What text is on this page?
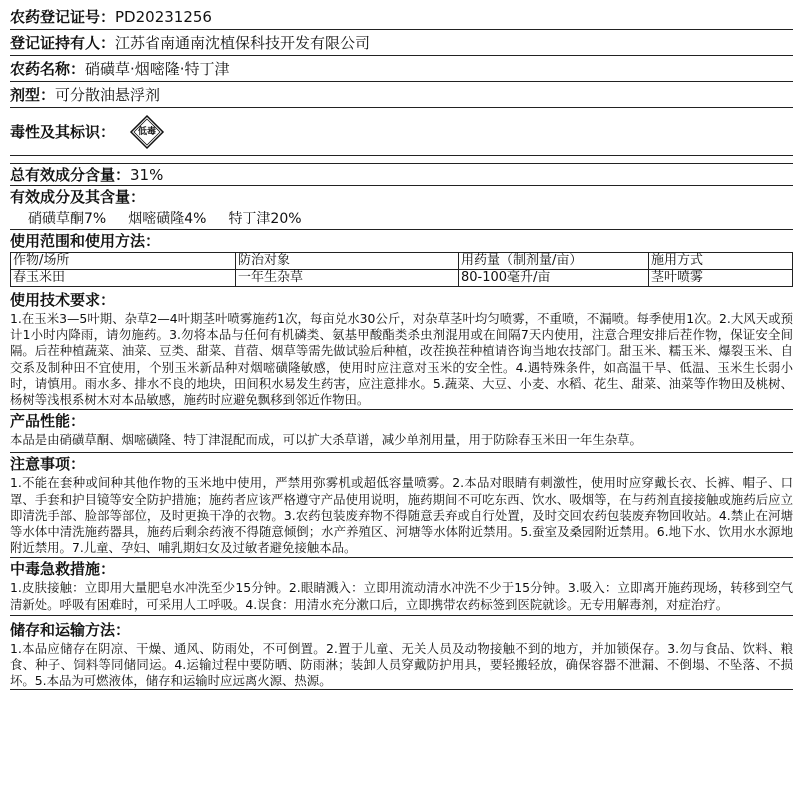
农药登记证号：PD20231256
登记证持有人：江苏省南通南沈植保科技开发有限公司
农药名称：硝磺草·烟嘧隆·特丁津
剂型：可分散油悬浮剂
毒性及其标识：	低毒
总有效成分含量：31%
有效成分及其含量：
硝磺草酮7% 烟嘧磺隆4% 特丁津20%
使用范围和使用方法：
作物/场所	防治对象	用药量（制剂量/亩）	施用方式
春玉米田	一年生杂草	80-100毫升/亩	茎叶喷雾
使用技术要求：
1.在玉米3—5叶期、杂草2—4叶期茎叶喷雾施药1次，每亩兑水30公斤，对杂草茎叶均匀喷雾，不重喷，不漏喷。每季使用1次。2.大风天或预计1小时内降雨，请勿施药。3.勿将本品与任何有机磷类、氨基甲酸酯类杀虫剂混用或在间隔7天内使用，注意合理安排后茬作物，保证安全间隔。后茬种植蔬菜、油菜、豆类、甜菜、苜蓿、烟草等需先做试验后种植，改茬换茬种植请咨询当地农技部门。甜玉米、糯玉米、爆裂玉米、自交系及制种田不宜使用，个别玉米新品种对烟嘧磺隆敏感，使用时应注意对玉米的安全性。4.遇特殊条件，如高温干旱、低温、玉米生长弱小时，请慎用。雨水多、排水不良的地块，田间积水易发生药害，应注意排水。5.蔬菜、大豆、小麦、水稻、花生、甜菜、油菜等作物田及桃树、杨树等浅根系树木对本品敏感，施药时应避免飘移到邻近作物田。
产品性能：
本品是由硝磺草酮、烟嘧磺隆、特丁津混配而成，可以扩大杀草谱，减少单剂用量，用于防除春玉米田一年生杂草。
注意事项：
1.不能在套种或间种其他作物的玉米地中使用，严禁用弥雾机或超低容量喷雾。2.本品对眼睛有刺激性，使用时应穿戴长衣、长裤、帽子、口罩、手套和护目镜等安全防护措施；施药者应该严格遵守产品使用说明，施药期间不可吃东西、饮水、吸烟等，在与药剂直接接触或施药后应立即清洗手部、脸部等部位，及时更换干净的衣物。3.农药包装废弃物不得随意丢弃或自行处置，及时交回农药包装废弃物回收站。4.禁止在河塘等水体中清洗施药器具，施药后剩余药液不得随意倾倒；水产养殖区、河塘等水体附近禁用。5.蚕室及桑园附近禁用。6.地下水、饮用水水源地附近禁用。7.儿童、孕妇、哺乳期妇女及过敏者避免接触本品。
中毒急救措施：
1.皮肤接触：立即用大量肥皂水冲洗至少15分钟。2.眼睛溅入：立即用流动清水冲洗不少于15分钟。3.吸入：立即离开施药现场，转移到空气清新处。呼吸有困难时，可采用人工呼吸。4.误食：用清水充分漱口后，立即携带农药标签到医院就诊。无专用解毒剂，对症治疗。
储存和运输方法：
1.本品应储存在阴凉、干燥、通风、防雨处，不可倒置。2.置于儿童、无关人员及动物接触不到的地方，并加锁保存。3.勿与食品、饮料、粮食、种子、饲料等同储同运。4.运输过程中要防晒、防雨淋；装卸人员穿戴防护用具，要轻搬轻放，确保容器不泄漏、不倒塌、不坠落、不损坏。5.本品为可燃液体，储存和运输时应远离火源、热源。
